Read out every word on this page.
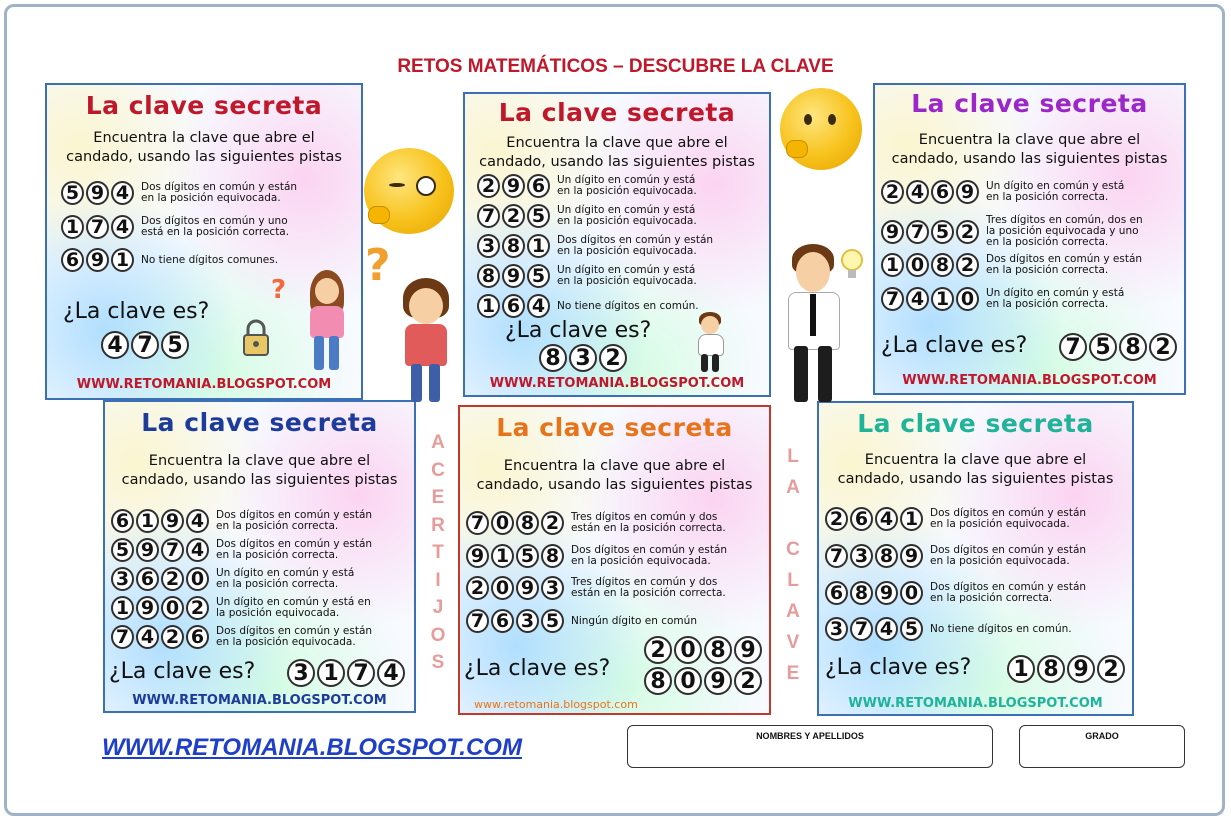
RETOS MATEMÁTICOS – DESCUBRE LA CLAVE
La clave secreta
Encuentra la clave que abre el
candado, usando las siguientes pistas
5 9 4	Dos dígitos en común y están
en la posición equivocada.
1 7 4	Dos dígitos en común y uno
está en la posición correcta.
6 9 1	No tiene dígitos comunes.
¿La clave es?
4 7 5
?
WWW.RETOMANIA.BLOGSPOT.COM
La clave secreta
Encuentra la clave que abre el
candado, usando las siguientes pistas
2 9 6	Un dígito en común y está
en la posición equivocada.
7 2 5	Un dígito en común y está
en la posición equivocada.
3 8 1	Dos dígitos en común y están
en la posición equivocada.
8 9 5	Un dígito en común y está
en la posición equivocada.
1 6 4	No tiene dígitos en común.
¿La clave es?
8 3 2
WWW.RETOMANIA.BLOGSPOT.COM
La clave secreta
Encuentra la clave que abre el
candado, usando las siguientes pistas
2 4 6 9	Un dígito en común y está
en la posición correcta.
9 7 5 2
Tres dígitos en común, dos en
la posición equivocada y uno
en la posición correcta.
1 0 8 2	Dos dígitos en común y están
en la posición correcta.
7 4 1 0	Un dígito en común y está
en la posición correcta.
¿La clave es? 7 5 8 2
WWW.RETOMANIA.BLOGSPOT.COM
La clave secreta
Encuentra la clave que abre el
candado, usando las siguientes pistas
6 1 9 4	Dos dígitos en común y están
en la posición correcta.
5 9 7 4	Dos dígitos en común y están
en la posición correcta.
3 6 2 0	Un dígito en común y está
en la posición correcta.
1 9 0 2	Un dígito en común y está en
la posición equivocada.
7 4 2 6	Dos dígitos en común y están
en la posición equivocada.
¿La clave es? 3 1 7 4
WWW.RETOMANIA.BLOGSPOT.COM
La clave secreta
Encuentra la clave que abre el
candado, usando las siguientes pistas
7 0 8 2	Tres dígitos en común y dos
están en la posición correcta.
9 1 5 8	Dos dígitos en común y están
en la posición equivocada.
2 0 9 3	Tres dígitos en común y dos
están en la posición correcta.
7 6 3 5	Ningún dígito en común
¿La clave es?
2 0 8 9
8 0 9 2
www.retomania.blogspot.com
La clave secreta
Encuentra la clave que abre el
candado, usando las siguientes pistas
2 6 4 1	Dos dígitos en común y están
en la posición equivocada.
7 3 8 9	Dos dígitos en común y están
en la posición equivocada.
6 8 9 0	Dos dígitos en común y están
en la posición correcta.
3 7 4 5	No tiene dígitos en común.
¿La clave es? 1 8 9 2
WWW.RETOMANIA.BLOGSPOT.COM
?
A
C
E
R
T
I
J
O
S
L
A
C
L
A
V
E
WWW.RETOMANIA.BLOGSPOT.COM	NOMBRES Y APELLIDOS	GRADO
